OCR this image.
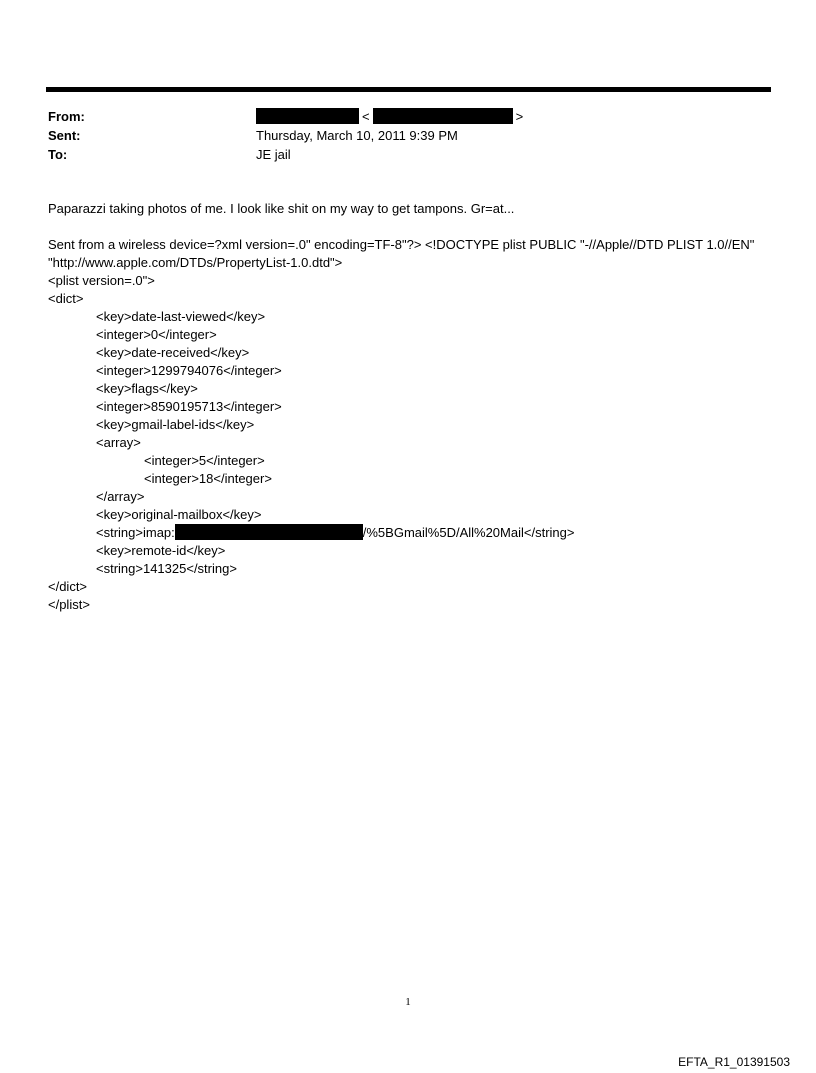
From:	<	>
Sent:	Thursday, March 10, 2011 9:39 PM
To:	JE jail
Paparazzi taking photos of me. I look like shit on my way to get tampons. Gr=at...
Sent from a wireless device=?xml version=.0" encoding=TF-8"?> <!DOCTYPE plist PUBLIC "-//Apple//DTD PLIST 1.0//EN"
"http://www.apple.com/DTDs/PropertyList-1.0.dtd">
<plist version=.0">
<dict>
<key>date-last-viewed</key>
<integer>0</integer>
<key>date-received</key>
<integer>1299794076</integer>
<key>flags</key>
<integer>8590195713</integer>
<key>gmail-label-ids</key>
<array>
<integer>5</integer>
<integer>18</integer>
</array>
<key>original-mailbox</key>
<string>imap:	/%5BGmail%5D/All%20Mail</string>
<key>remote-id</key>
<string>141325</string>
</dict>
</plist>
1
EFTA_R1_01391503
